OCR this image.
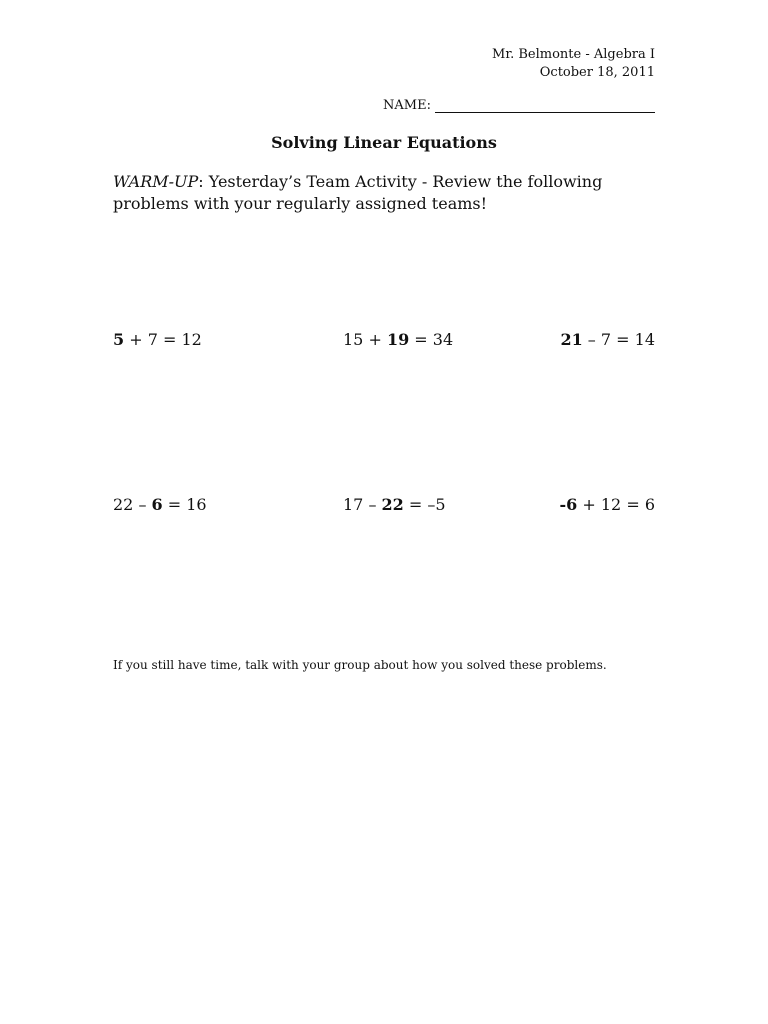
Mr. Belmonte - Algebra I
October 18, 2011
NAME:
Solving Linear Equations
WARM-UP: Yesterday’s Team Activity - Review the following problems with your regularly assigned teams!
5 + 7 = 12	15 + 19 = 34	21 – 7 = 14
22 – 6 = 16	17 – 22 = –5	-6 + 12 = 6
If you still have time, talk with your group about how you solved these problems.
